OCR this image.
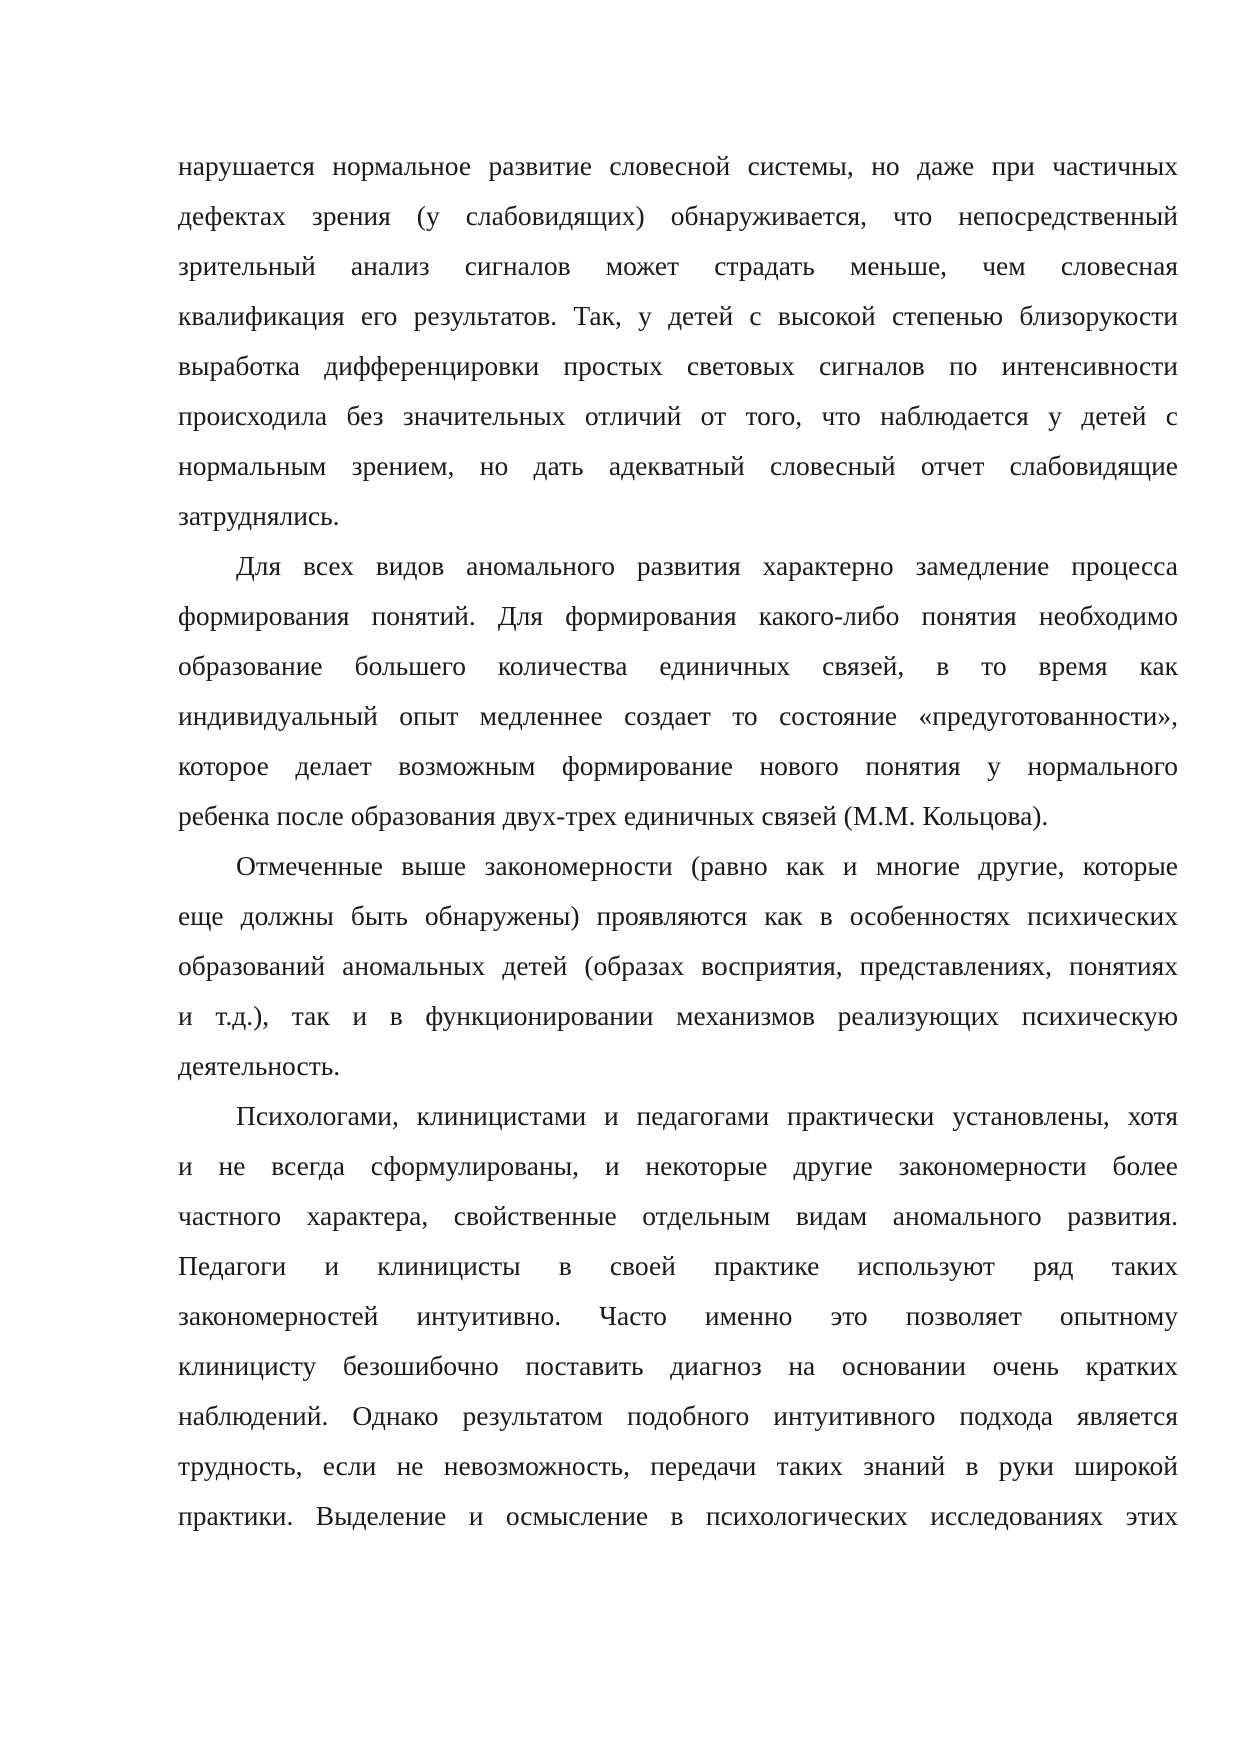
нарушается нормальное развитие словесной системы, но даже при частичных
дефектах зрения (у слабовидящих) обнаруживается, что непосредственный
зрительный анализ сигналов может страдать меньше, чем словесная
квалификация его результатов. Так, у детей с высокой степенью близорукости
выработка дифференцировки простых световых сигналов по интенсивности
происходила без значительных отличий от того, что наблюдается у детей с
нормальным зрением, но дать адекватный словесный отчет слабовидящие
затруднялись.
Для всех видов аномального развития характерно замедление процесса
формирования понятий. Для формирования какого-либо понятия необходимо
образование большего количества единичных связей, в то время как
индивидуальный опыт медленнее создает то состояние «предуготованности»,
которое делает возможным формирование нового понятия у нормального
ребенка после образования двух-трех единичных связей (М.М. Кольцова).
Отмеченные выше закономерности (равно как и многие другие, которые
еще должны быть обнаружены) проявляются как в особенностях психических
образований аномальных детей (образах восприятия, представлениях, понятиях
и т.д.), так и в функционировании механизмов реализующих психическую
деятельность.
Психологами, клиницистами и педагогами практически установлены, хотя
и не всегда сформулированы, и некоторые другие закономерности более
частного характера, свойственные отдельным видам аномального развития.
Педагоги и клиницисты в своей практике используют ряд таких
закономерностей интуитивно. Часто именно это позволяет опытному
клиницисту безошибочно поставить диагноз на основании очень кратких
наблюдений. Однако результатом подобного интуитивного подхода является
трудность, если не невозможность, передачи таких знаний в руки широкой
практики. Выделение и осмысление в психологических исследованиях этих
